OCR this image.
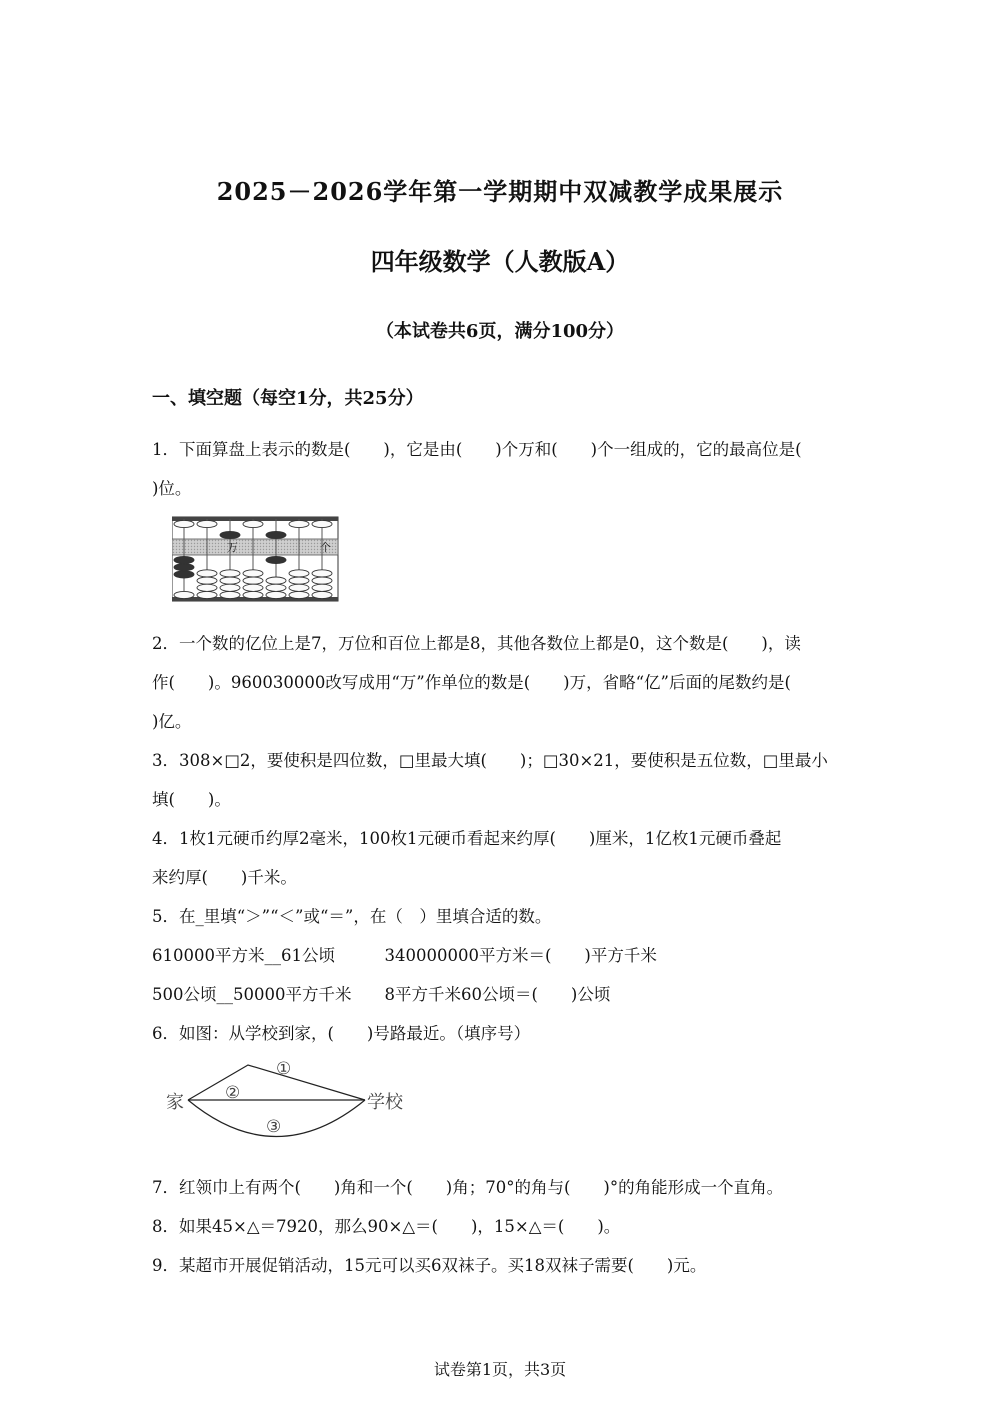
2025－2026学年第一学期期中双减教学成果展示
四年级数学（人教版A）
（本试卷共6页，满分100分）
一、填空题（每空1分，共25分）
1．下面算盘上表示的数是(　　)，它是由(　　)个万和(　　)个一组成的，它的最高位是(
)位。
万	个
2．一个数的亿位上是7，万位和百位上都是8，其他各数位上都是0，这个数是(　　)，读
作(　　)。960030000改写成用“万”作单位的数是(　　)万，省略“亿”后面的尾数约是(
)亿。
3．308×□2，要使积是四位数，□里最大填(　　)；□30×21，要使积是五位数，□里最小
填(　　)。
4．1枚1元硬币约厚2毫米，100枚1元硬币看起来约厚(　　)厘米，1亿枚1元硬币叠起
来约厚(　　)千米。
5．在_里填“＞”“＜”或“＝”，在（　）里填合适的数。
610000平方米__61公顷　　　340000000平方米＝(　　)平方千米
500公顷__50000平方千米　　8平方千米60公顷＝(　　)公顷
6．如图：从学校到家，(　　)号路最近。（填序号）
家	学校
①
②
③
7．红领巾上有两个(　　)角和一个(　　)角；70°的角与(　　)°的角能形成一个直角。
8．如果45×△＝7920，那么90×△＝(　　)，15×△＝(　　)。
9．某超市开展促销活动，15元可以买6双袜子。买18双袜子需要(　　)元。
试卷第1页，共3页
